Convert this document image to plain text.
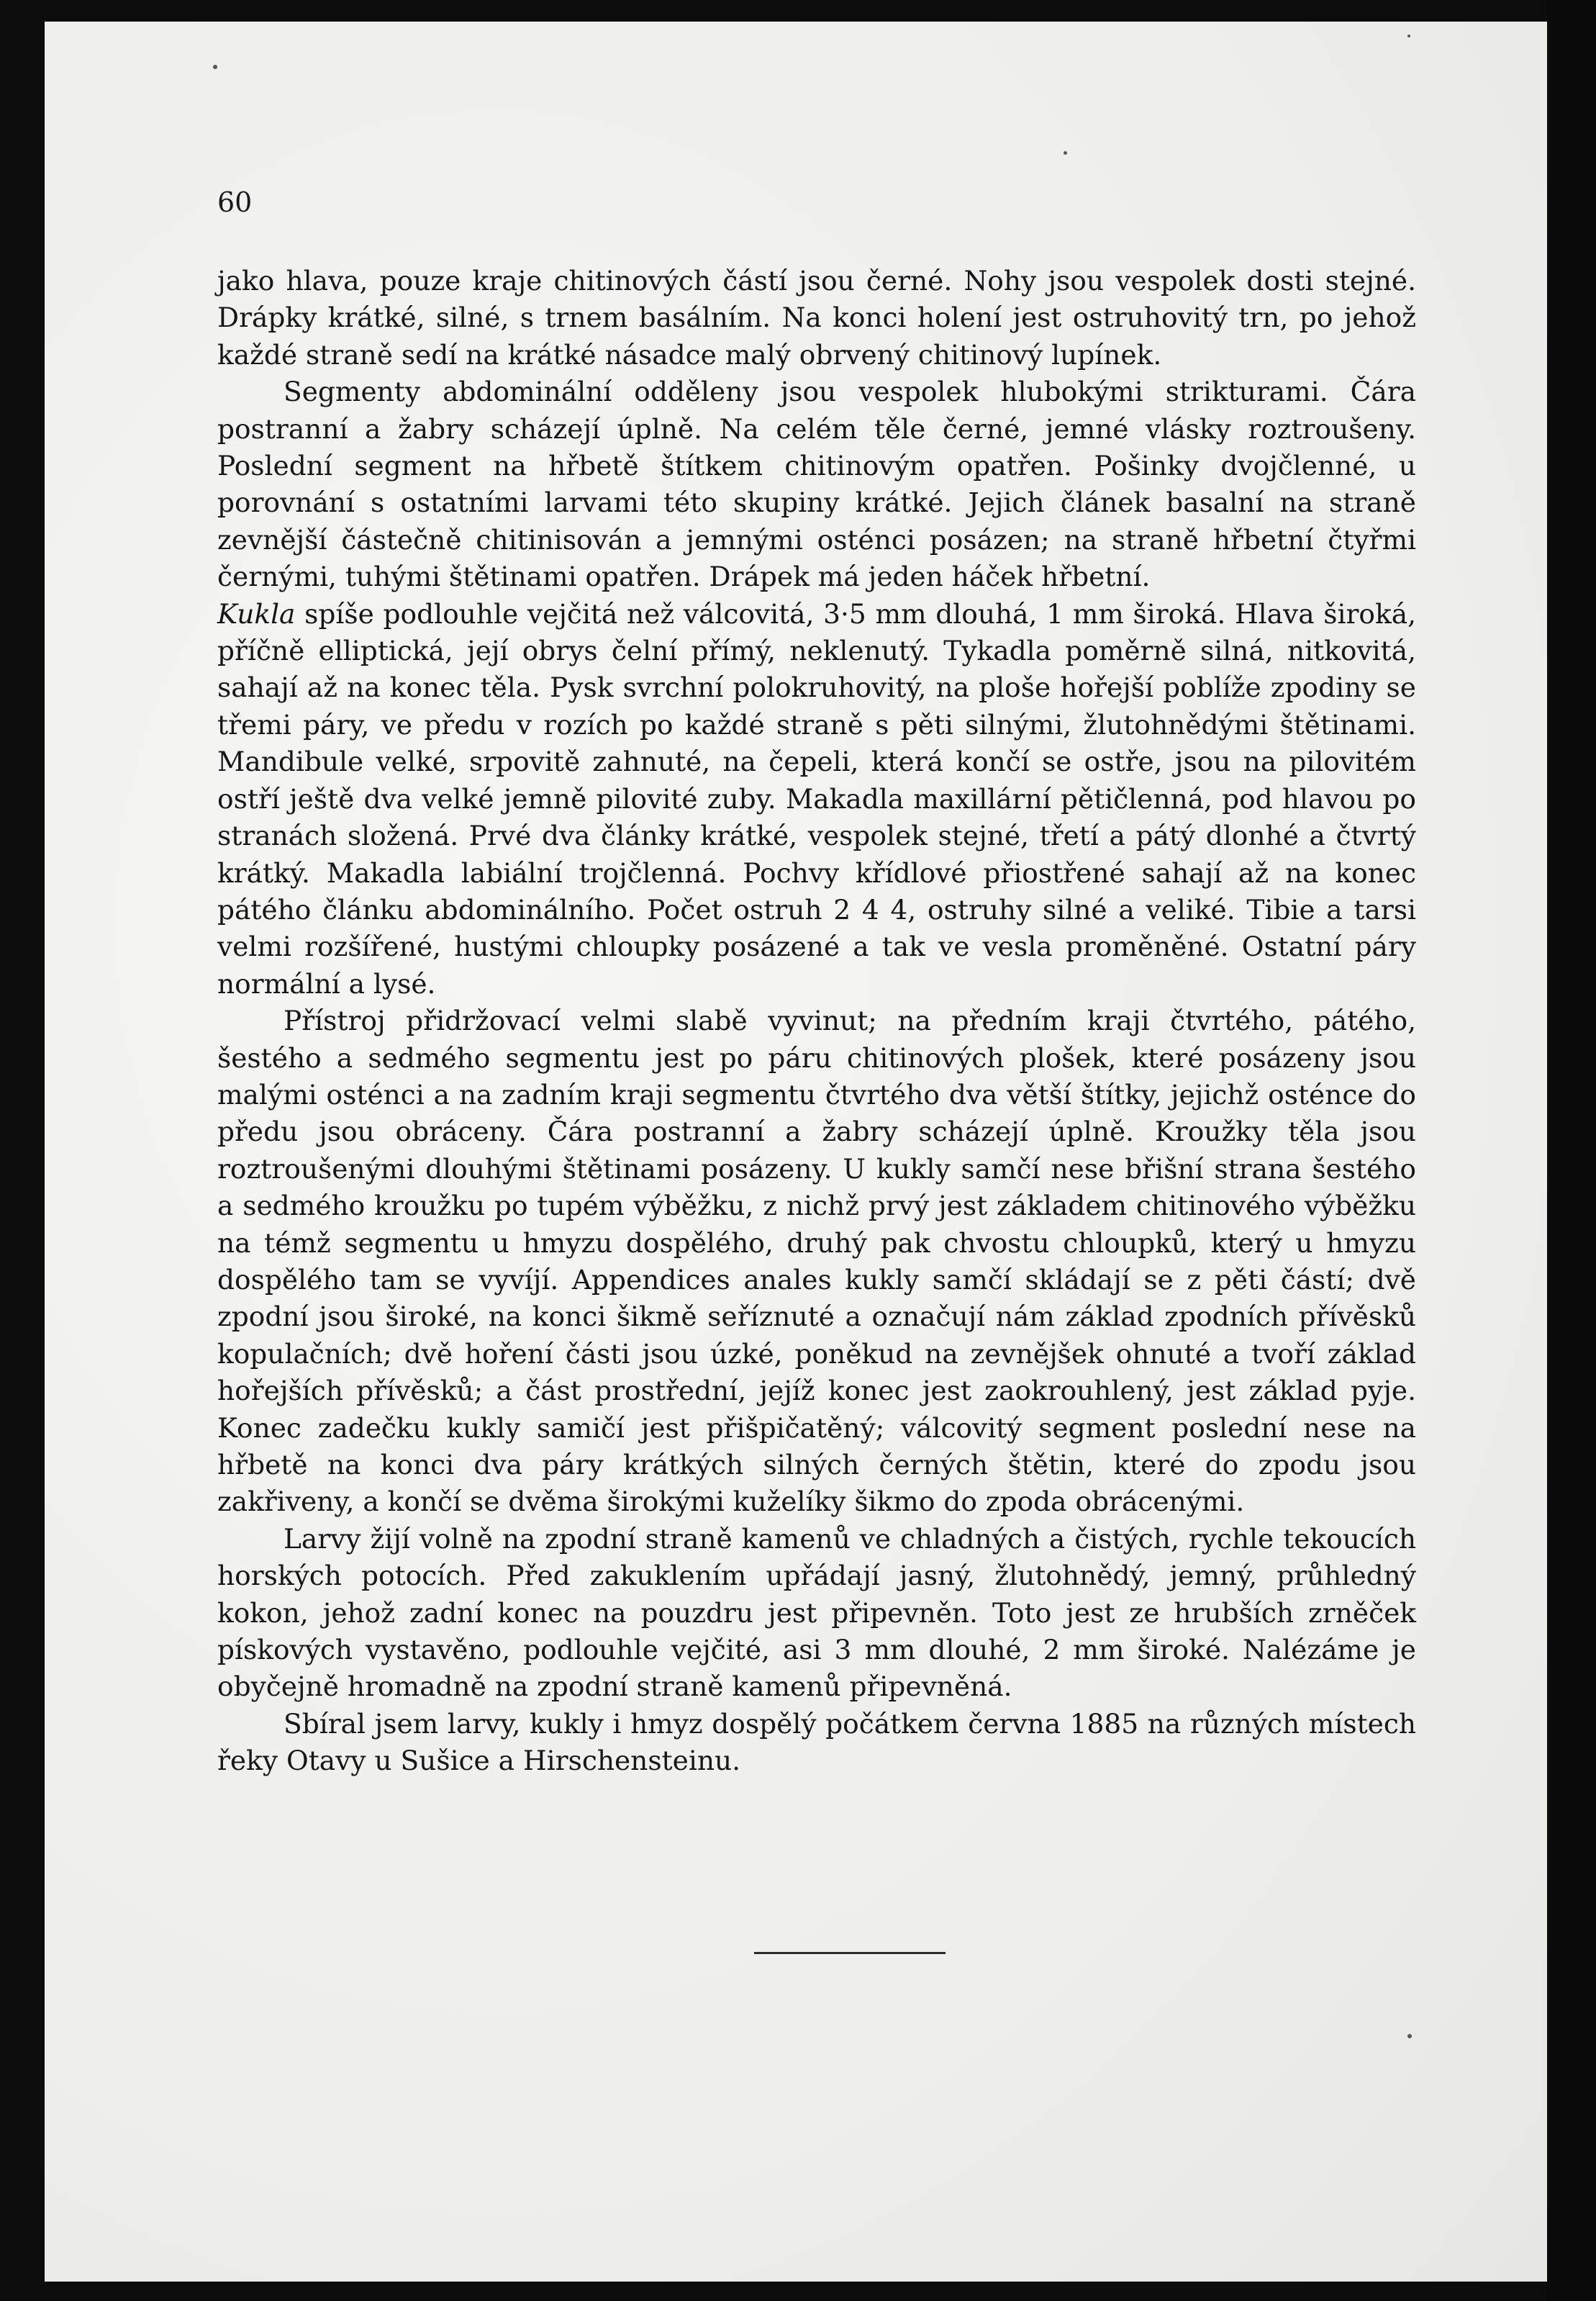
60

jako hlava, pouze kraje chitinových částí jsou černé. Nohy jsou vespolek dosti stejné. Drápky krátké, silné, s trnem basálním. Na konci holení jest ostruhovitý trn, po jehož každé straně sedí na krátké násadce malý obrvený chitinový lupínek.

Segmenty abdominální odděleny jsou vespolek hlubokými strikturami. Čára postranní a žabry scházejí úplně. Na celém těle černé, jemné vlásky roztroušeny. Poslední segment na hřbetě štítkem chitinovým opatřen. Pošinky dvojčlenné, u porovnání s ostatními larvami této skupiny krátké. Jejich článek basalní na straně zevnější částečně chitinisován a jemnými osténci posázen; na straně hřbetní čtyřmi černými, tuhými štětinami opatřen. Drápek má jeden háček hřbetní.

Kukla spíše podlouhle vejčitá než válcovitá, 3·5 mm dlouhá, 1 mm široká. Hlava široká, příčně elliptická, její obrys čelní přímý, neklenutý. Tykadla poměrně silná, nitkovitá, sahají až na konec těla. Pysk svrchní polokruhovitý, na ploše hořejší poblíže zpodiny se třemi páry, ve předu v rozích po každé straně s pěti silnými, žlutohnědými štětinami. Mandibule velké, srpovitě zahnuté, na čepeli, která končí se ostře, jsou na pilovitém ostří ještě dva velké jemně pilovité zuby. Makadla maxillární pětičlenná, pod hlavou po stranách složená. Prvé dva články krátké, vespolek stejné, třetí a pátý dlonhé a čtvrtý krátký. Makadla labiální trojčlenná. Pochvy křídlové přiostřené sahají až na konec pátého článku abdominálního. Počet ostruh 2 4 4, ostruhy silné a veliké. Tibie a tarsi velmi rozšířené, hustými chloupky posázené a tak ve vesla proměněné. Ostatní páry normální a lysé.

Přístroj přidržovací velmi slabě vyvinut; na předním kraji čtvrtého, pátého, šestého a sedmého segmentu jest po páru chitinových plošek, které posázeny jsou malými osténci a na zadním kraji segmentu čtvrtého dva větší štítky, jejichž osténce do předu jsou obráceny. Čára postranní a žabry scházejí úplně. Kroužky těla jsou roztroušenými dlouhými štětinami posázeny. U kukly samčí nese břišní strana šestého a sedmého kroužku po tupém výběžku, z nichž prvý jest základem chitinového výběžku na témž segmentu u hmyzu dospělého, druhý pak chvostu chloupků, který u hmyzu dospělého tam se vyvíjí. Appendices anales kukly samčí skládají se z pěti částí; dvě zpodní jsou široké, na konci šikmě seříznuté a označují nám základ zpodních přívěsků kopulačních; dvě hoření části jsou úzké, poněkud na zevnějšek ohnuté a tvoří základ hořejších přívěsků; a část prostřední, jejíž konec jest zaokrouhlený, jest základ pyje. Konec zadečku kukly samičí jest přišpičatěný; válcovitý segment poslední nese na hřbetě na konci dva páry krátkých silných černých štětin, které do zpodu jsou zakřiveny, a končí se dvěma širokými kuželíky šikmo do zpoda obrácenými.

Larvy žijí volně na zpodní straně kamenů ve chladných a čistých, rychle tekoucích horských potocích. Před zakuklením upřádají jasný, žlutohnědý, jemný, průhledný kokon, jehož zadní konec na pouzdru jest připevněn. Toto jest ze hrubších zrněček pískových vystavěno, podlouhle vejčité, asi 3 mm dlouhé, 2 mm široké. Nalézáme je obyčejně hromadně na zpodní straně kamenů připevněná.

Sbíral jsem larvy, kukly i hmyz dospělý počátkem června 1885 na různých místech řeky Otavy u Sušice a Hirschensteinu.
